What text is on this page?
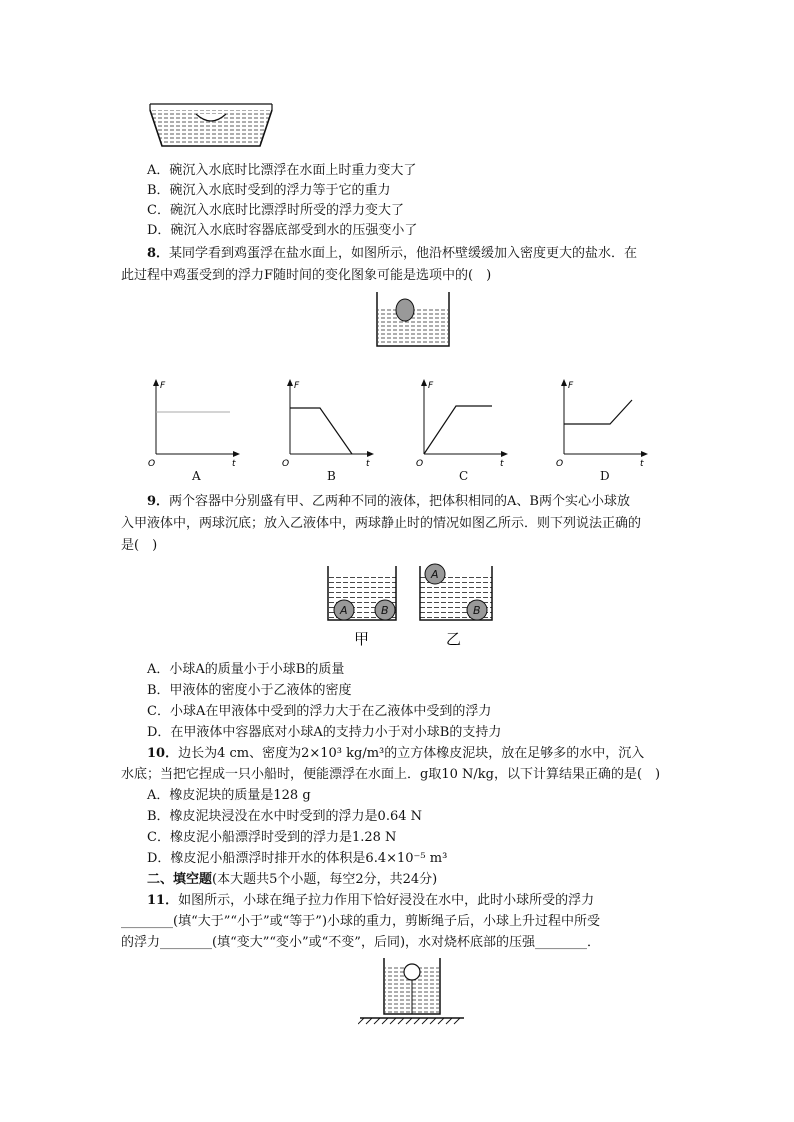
A．碗沉入水底时比漂浮在水面上时重力变大了
B．碗沉入水底时受到的浮力等于它的重力
C．碗沉入水底时比漂浮时所受的浮力变大了
D．碗沉入水底时容器底部受到水的压强变小了
8．某同学看到鸡蛋浮在盐水面上，如图所示，他沿杯壁缓缓加入密度更大的盐水．在
此过程中鸡蛋受到的浮力F随时间的变化图象可能是选项中的(　)
F
t
O
F
t
O
F
t
O
F
t
O
A	B	C	D
9．两个容器中分别盛有甲、乙两种不同的液体，把体积相同的A、B两个实心小球放
入甲液体中，两球沉底；放入乙液体中，两球静止时的情况如图乙所示．则下列说法正确的
是(　)
A	B
A
B
甲	乙
A．小球A的质量小于小球B的质量
B．甲液体的密度小于乙液体的密度
C．小球A在甲液体中受到的浮力大于在乙液体中受到的浮力
D．在甲液体中容器底对小球A的支持力小于对小球B的支持力
10．边长为4 cm、密度为2×10³ kg/m³的立方体橡皮泥块，放在足够多的水中，沉入
水底；当把它捏成一只小船时，便能漂浮在水面上．g取10 N/kg，以下计算结果正确的是(　)
A．橡皮泥块的质量是128 g
B．橡皮泥块浸没在水中时受到的浮力是0.64 N
C．橡皮泥小船漂浮时受到的浮力是1.28 N
D．橡皮泥小船漂浮时排开水的体积是6.4×10⁻⁵ m³
二、填空题(本大题共5个小题，每空2分，共24分)
11．如图所示，小球在绳子拉力作用下恰好浸没在水中，此时小球所受的浮力
________(填“大于”“小于”或“等于”)小球的重力，剪断绳子后，小球上升过程中所受
的浮力________(填“变大”“变小”或“不变”，后同)，水对烧杯底部的压强________．
